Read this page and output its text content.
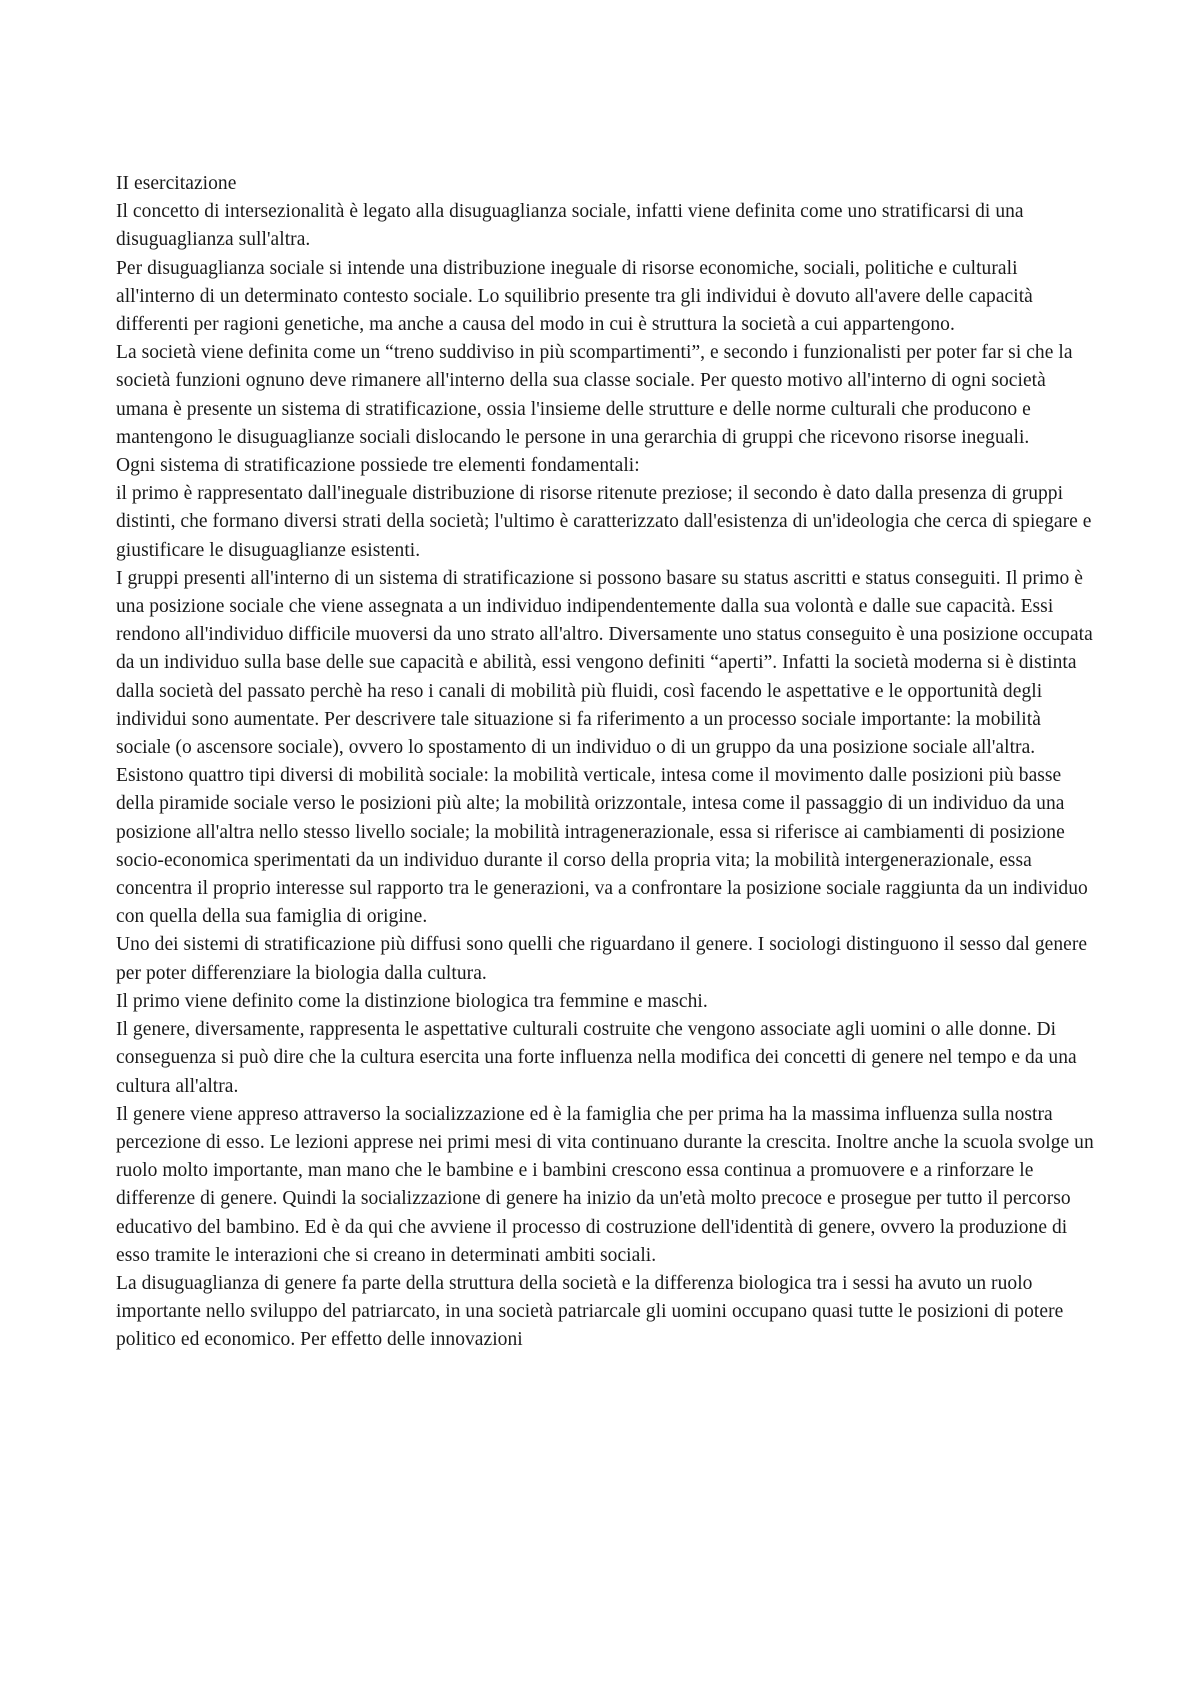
II esercitazione

Il concetto di intersezionalità è legato alla disuguaglianza sociale, infatti viene definita come uno stratificarsi di una disuguaglianza sull'altra.

Per disuguaglianza sociale si intende una distribuzione ineguale di risorse economiche, sociali, politiche e culturali all'interno di un determinato contesto sociale. Lo squilibrio presente tra gli individui è dovuto all'avere delle capacità differenti per ragioni genetiche, ma anche a causa del modo in cui è struttura la società a cui appartengono.

La società viene definita come un “treno suddiviso in più scompartimenti”, e secondo i funzionalisti per poter far si che la società funzioni ognuno deve rimanere all'interno della sua classe sociale. Per questo motivo all'interno di ogni società umana è presente un sistema di stratificazione, ossia l'insieme delle strutture e delle norme culturali che producono e mantengono le disuguaglianze sociali dislocando le persone in una gerarchia di gruppi che ricevono risorse ineguali.

Ogni sistema di stratificazione possiede tre elementi fondamentali:

il primo è rappresentato dall'ineguale distribuzione di risorse ritenute preziose; il secondo è dato dalla presenza di gruppi distinti, che formano diversi strati della società; l'ultimo è caratterizzato dall'esistenza di un'ideologia che cerca di spiegare e giustificare le disuguaglianze esistenti.

I gruppi presenti all'interno di un sistema di stratificazione si possono basare su status ascritti e status conseguiti. Il primo è una posizione sociale che viene assegnata a un individuo indipendentemente dalla sua volontà e dalle sue capacità. Essi rendono all'individuo difficile muoversi da uno strato all'altro. Diversamente uno status conseguito è una posizione occupata da un individuo sulla base delle sue capacità e abilità, essi vengono definiti “aperti”. Infatti la società moderna si è distinta dalla società del passato perchè ha reso i canali di mobilità più fluidi, così facendo le aspettative e le opportunità degli individui sono aumentate. Per descrivere tale situazione si fa riferimento a un processo sociale importante: la mobilità sociale (o ascensore sociale), ovvero lo spostamento di un individuo o di un gruppo da una posizione sociale all'altra.

Esistono quattro tipi diversi di mobilità sociale: la mobilità verticale, intesa come il movimento dalle posizioni più basse della piramide sociale verso le posizioni più alte; la mobilità orizzontale, intesa come il passaggio di un individuo da una posizione all'altra nello stesso livello sociale; la mobilità intragenerazionale, essa si riferisce ai cambiamenti di posizione socio-economica sperimentati da un individuo durante il corso della propria vita; la mobilità intergenerazionale, essa concentra il proprio interesse sul rapporto tra le generazioni, va a confrontare la posizione sociale raggiunta da un individuo con quella della sua famiglia di origine.

Uno dei sistemi di stratificazione più diffusi sono quelli che riguardano il genere. I sociologi distinguono il sesso dal genere per poter differenziare la biologia dalla cultura.

Il primo viene definito come la distinzione biologica tra femmine e maschi.

Il genere, diversamente, rappresenta le aspettative culturali costruite che vengono associate agli uomini o alle donne. Di conseguenza si può dire che la cultura esercita una forte influenza nella modifica dei concetti di genere nel tempo e da una cultura all'altra.

Il genere viene appreso attraverso la socializzazione ed è la famiglia che per prima ha la massima influenza sulla nostra percezione di esso. Le lezioni apprese nei primi mesi di vita continuano durante la crescita. Inoltre anche la scuola svolge un ruolo molto importante, man mano che le bambine e i bambini crescono essa continua a promuovere e a rinforzare le differenze di genere. Quindi la socializzazione di genere ha inizio da un'età molto precoce e prosegue per tutto il percorso educativo del bambino. Ed è da qui che avviene il processo di costruzione dell'identità di genere, ovvero la produzione di esso tramite le interazioni che si creano in determinati ambiti sociali.

La disuguaglianza di genere fa parte della struttura della società e la differenza biologica tra i sessi ha avuto un ruolo importante nello sviluppo del patriarcato, in una società patriarcale gli uomini occupano quasi tutte le posizioni di potere politico ed economico. Per effetto delle innovazioni
